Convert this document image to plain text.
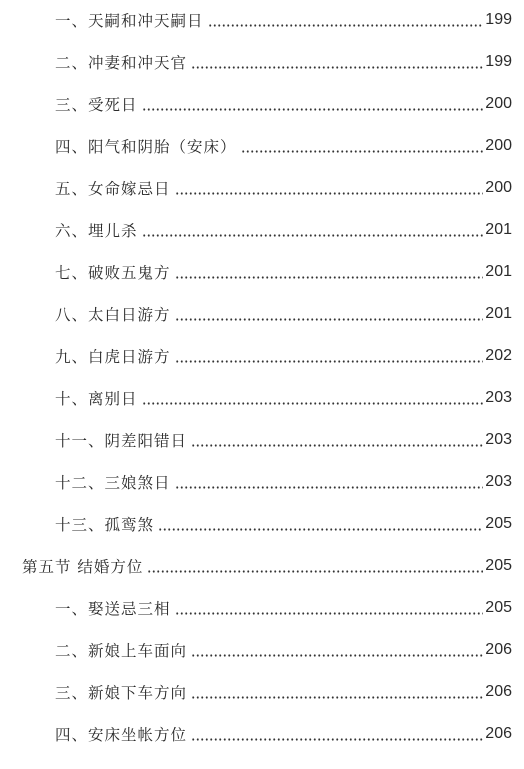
一、天嗣和冲天嗣日	199
二、冲妻和冲天官	199
三、受死日	200
四、阳气和阴胎（安床）	200
五、女命嫁忌日	200
六、埋儿杀	201
七、破败五鬼方	201
八、太白日游方	201
九、白虎日游方	202
十、离别日	203
十一、阴差阳错日	203
十二、三娘煞日	203
十三、孤鸾煞	205
第五节 结婚方位	205
一、娶送忌三相	205
二、新娘上车面向	206
三、新娘下车方向	206
四、安床坐帐方位	206
